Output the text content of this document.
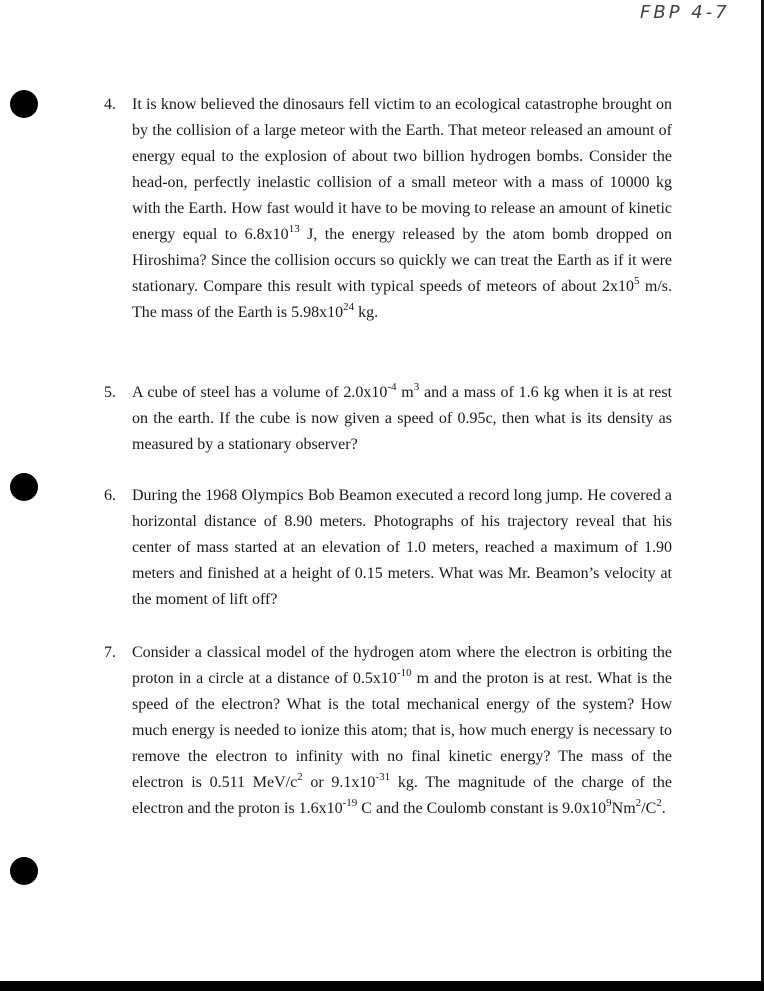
FBP 4-7
4. It is know believed the dinosaurs fell victim to an ecological catastrophe brought on by the collision of a large meteor with the Earth. That meteor released an amount of energy equal to the explosion of about two billion hydrogen bombs. Consider the head-on, perfectly inelastic collision of a small meteor with a mass of 10000 kg with the Earth. How fast would it have to be moving to release an amount of kinetic energy equal to $6.8x10^{13}$ J, the energy released by the atom bomb dropped on Hiroshima? Since the collision occurs so quickly we can treat the Earth as if it were stationary. Compare this result with typical speeds of meteors of about $2x10^5$ m/s. The mass of the Earth is $5.98x10^{24}$ kg.
5. A cube of steel has a volume of $2.0x10^{-4}$ $m^3$ and a mass of 1.6 kg when it is at rest on the earth. If the cube is now given a speed of 0.95c, then what is its density as measured by a stationary observer?
6. During the 1968 Olympics Bob Beamon executed a record long jump. He covered a horizontal distance of 8.90 meters. Photographs of his trajectory reveal that his center of mass started at an elevation of 1.0 meters, reached a maximum of 1.90 meters and finished at a height of 0.15 meters. What was Mr. Beamon’s velocity at the moment of lift off?
7. Consider a classical model of the hydrogen atom where the electron is orbiting the proton in a circle at a distance of $0.5x10^{-10}$ m and the proton is at rest. What is the speed of the electron? What is the total mechanical energy of the system? How much energy is needed to ionize this atom; that is, how much energy is necessary to remove the electron to infinity with no final kinetic energy? The mass of the electron is 0.511 MeV/$c^2$ or $9.1x10^{-31}$ kg. The magnitude of the charge of the electron and the proton is $1.6x10^{-19}$ C and the Coulomb constant is $9.0x10^9Nm^2/C^2$.
